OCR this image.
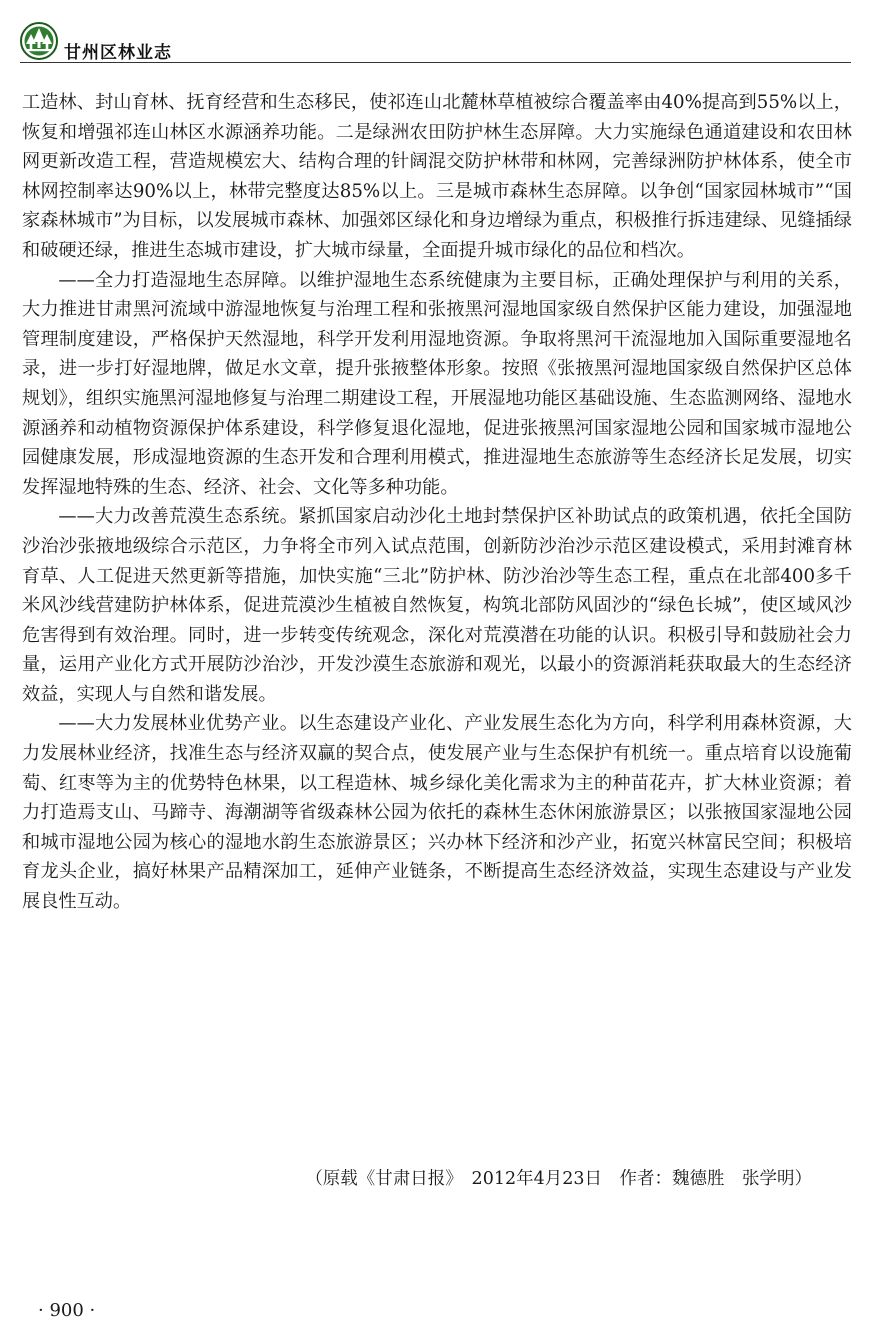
甘州区林业志

工造林、封山育林、抚育经营和生态移民，使祁连山北麓林草植被综合覆盖率由40%提高到55%以上，恢复和增强祁连山林区水源涵养功能。二是绿洲农田防护林生态屏障。大力实施绿色通道建设和农田林网更新改造工程，营造规模宏大、结构合理的针阔混交防护林带和林网，完善绿洲防护林体系，使全市林网控制率达90%以上，林带完整度达85%以上。三是城市森林生态屏障。以争创“国家园林城市”“国家森林城市”为目标，以发展城市森林、加强郊区绿化和身边增绿为重点，积极推行拆违建绿、见缝插绿和破硬还绿，推进生态城市建设，扩大城市绿量，全面提升城市绿化的品位和档次。

——全力打造湿地生态屏障。以维护湿地生态系统健康为主要目标，正确处理保护与利用的关系，大力推进甘肃黑河流域中游湿地恢复与治理工程和张掖黑河湿地国家级自然保护区能力建设，加强湿地管理制度建设，严格保护天然湿地，科学开发利用湿地资源。争取将黑河干流湿地加入国际重要湿地名录，进一步打好湿地牌，做足水文章，提升张掖整体形象。按照《张掖黑河湿地国家级自然保护区总体规划》，组织实施黑河湿地修复与治理二期建设工程，开展湿地功能区基础设施、生态监测网络、湿地水源涵养和动植物资源保护体系建设，科学修复退化湿地，促进张掖黑河国家湿地公园和国家城市湿地公园健康发展，形成湿地资源的生态开发和合理利用模式，推进湿地生态旅游等生态经济长足发展，切实发挥湿地特殊的生态、经济、社会、文化等多种功能。

——大力改善荒漠生态系统。紧抓国家启动沙化土地封禁保护区补助试点的政策机遇，依托全国防沙治沙张掖地级综合示范区，力争将全市列入试点范围，创新防沙治沙示范区建设模式，采用封滩育林育草、人工促进天然更新等措施，加快实施“三北”防护林、防沙治沙等生态工程，重点在北部400多千米风沙线营建防护林体系，促进荒漠沙生植被自然恢复，构筑北部防风固沙的“绿色长城”，使区域风沙危害得到有效治理。同时，进一步转变传统观念，深化对荒漠潜在功能的认识。积极引导和鼓励社会力量，运用产业化方式开展防沙治沙，开发沙漠生态旅游和观光，以最小的资源消耗获取最大的生态经济效益，实现人与自然和谐发展。

——大力发展林业优势产业。以生态建设产业化、产业发展生态化为方向，科学利用森林资源，大力发展林业经济，找准生态与经济双赢的契合点，使发展产业与生态保护有机统一。重点培育以设施葡萄、红枣等为主的优势特色林果，以工程造林、城乡绿化美化需求为主的种苗花卉，扩大林业资源；着力打造焉支山、马蹄寺、海潮湖等省级森林公园为依托的森林生态休闲旅游景区；以张掖国家湿地公园和城市湿地公园为核心的湿地水韵生态旅游景区；兴办林下经济和沙产业，拓宽兴林富民空间；积极培育龙头企业，搞好林果产品精深加工，延伸产业链条，不断提高生态经济效益，实现生态建设与产业发展良性互动。

（原载《甘肃日报》　2012年4月23日　作者：魏德胜　张学明）
· 900 ·
